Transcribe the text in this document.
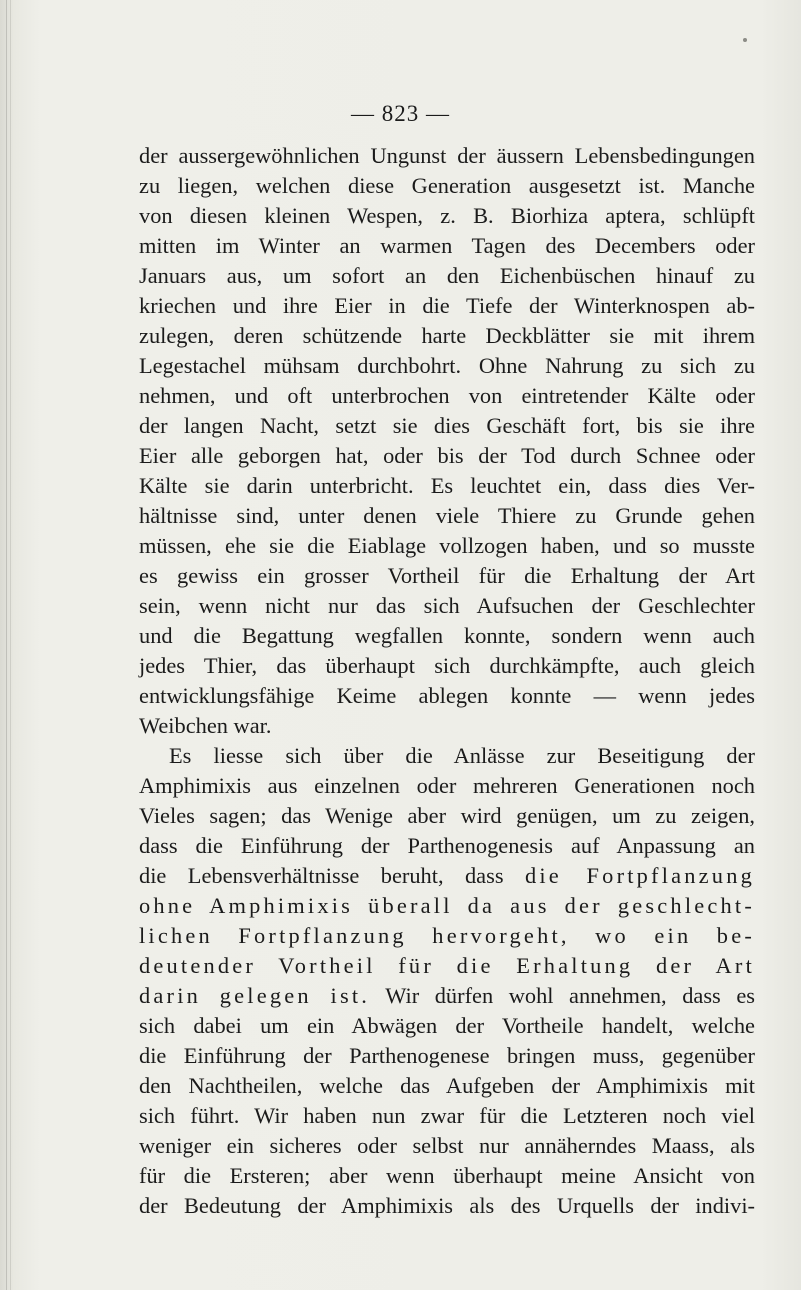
— 823 —
der aussergewöhnlichen Ungunst der äussern Lebensbedingungen
zu liegen, welchen diese Generation ausgesetzt ist. Manche
von diesen kleinen Wespen, z. B. Biorhiza aptera, schlüpft
mitten im Winter an warmen Tagen des Decembers oder
Januars aus, um sofort an den Eichenbüschen hinauf zu
kriechen und ihre Eier in die Tiefe der Winterknospen ab-
zulegen, deren schützende harte Deckblätter sie mit ihrem
Legestachel mühsam durchbohrt. Ohne Nahrung zu sich zu
nehmen, und oft unterbrochen von eintretender Kälte oder
der langen Nacht, setzt sie dies Geschäft fort, bis sie ihre
Eier alle geborgen hat, oder bis der Tod durch Schnee oder
Kälte sie darin unterbricht. Es leuchtet ein, dass dies Ver-
hältnisse sind, unter denen viele Thiere zu Grunde gehen
müssen, ehe sie die Eiablage vollzogen haben, und so musste
es gewiss ein grosser Vortheil für die Erhaltung der Art
sein, wenn nicht nur das sich Aufsuchen der Geschlechter
und die Begattung wegfallen konnte, sondern wenn auch
jedes Thier, das überhaupt sich durchkämpfte, auch gleich
entwicklungsfähige Keime ablegen konnte — wenn jedes
Weibchen war.
Es liesse sich über die Anlässe zur Beseitigung der
Amphimixis aus einzelnen oder mehreren Generationen noch
Vieles sagen; das Wenige aber wird genügen, um zu zeigen,
dass die Einführung der Parthenogenesis auf Anpassung an
die Lebensverhältnisse beruht, dass die Fortpflanzung
ohne Amphimixis überall da aus der geschlecht-
lichen Fortpflanzung hervorgeht, wo ein be-
deutender Vortheil für die Erhaltung der Art
darin gelegen ist. Wir dürfen wohl annehmen, dass es
sich dabei um ein Abwägen der Vortheile handelt, welche
die Einführung der Parthenogenese bringen muss, gegenüber
den Nachtheilen, welche das Aufgeben der Amphimixis mit
sich führt. Wir haben nun zwar für die Letzteren noch viel
weniger ein sicheres oder selbst nur annäherndes Maass, als
für die Ersteren; aber wenn überhaupt meine Ansicht von
der Bedeutung der Amphimixis als des Urquells der indivi-
